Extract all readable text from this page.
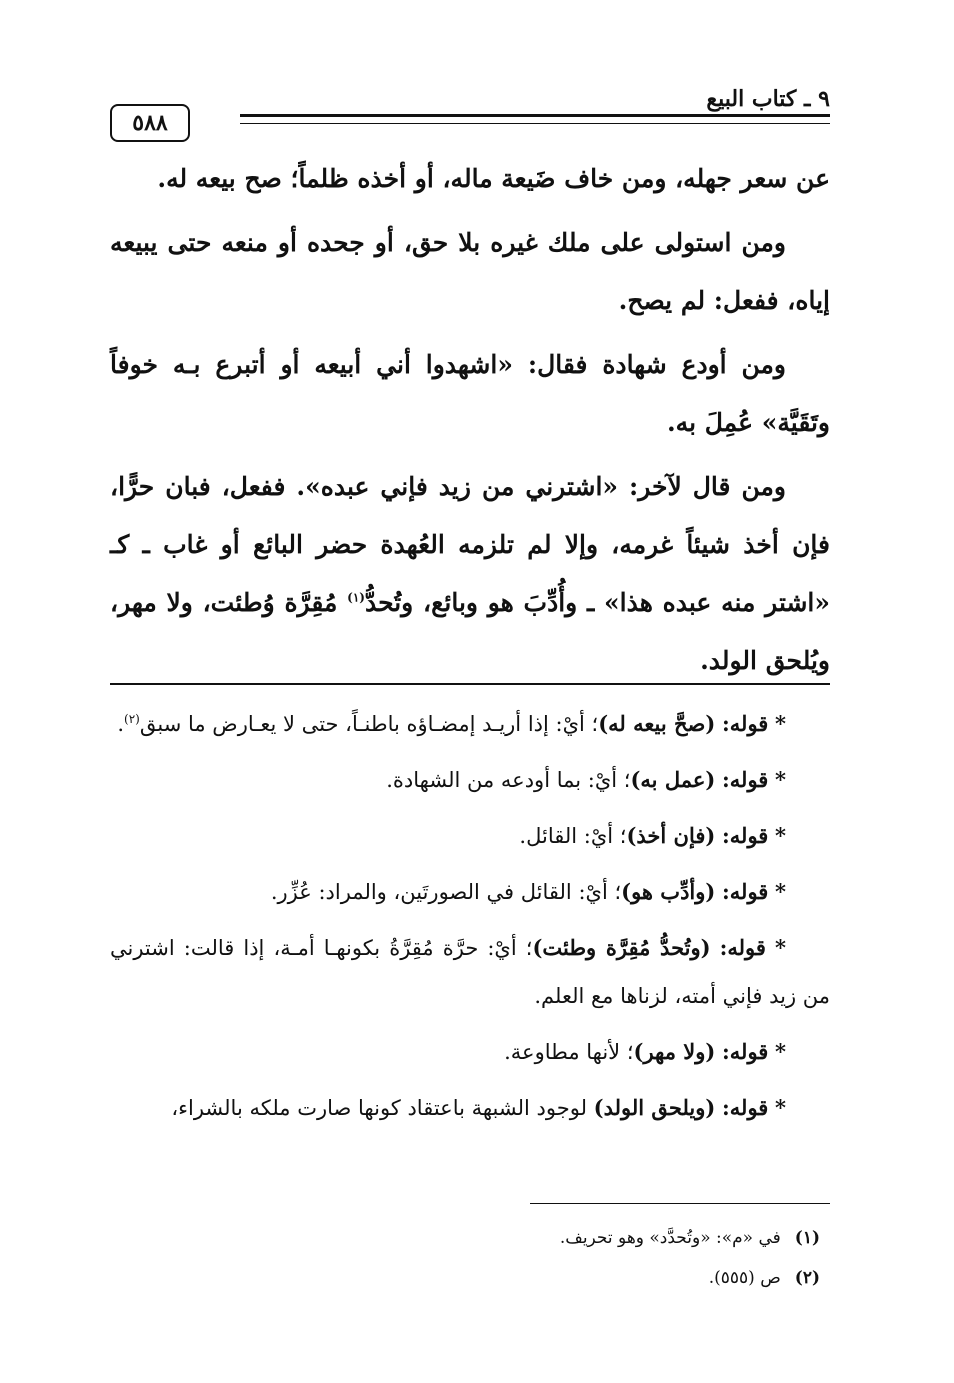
٩ ـ كتاب البيع
٥٨٨

عن سعر جهله، ومن خاف ضَيعة ماله، أو أخذه ظلماً؛ صح بيعه له.

ومن استولى على ملك غيره بلا حق، أو جحده أو منعه حتى يبيعه إياه، ففعل: لم يصح.

ومن أودع شهادة فقال: «اشهدوا أني أبيعه أو أتبرع بـه خوفاً وتَقَيَّة» عُمِلَ به.

ومن قال لآخر: «اشترني من زيد فإني عبده». ففعل، فبان حرًّا، فإن أخذ شيئاً غرمه، وإلا لم تلزمه العُهدة حضر البائع أو غاب ـ كـ «اشتر منه عبده هذا» ـ وأُدِّبَ هو وبائع، وتُحدُّ$^{(١)}$ مُقِرَّة وُطئت، ولا مهر، ويُلحق الولد.

* قوله: (صحَّ بيعه له)؛ أيْ: إذا أريـد إمضـاؤه باطنـاً، حتى لا يعـارض ما سبق$^{(٢)}$.

* قوله: (عمل به)؛ أيْ: بما أودعه من الشهادة.

* قوله: (فإن أخذ)؛ أيْ: القائل.

* قوله: (وأدِّب هو)؛ أيْ: القائل في الصورتَين، والمراد: عُزِّر.

* قوله: (وتُحدُّ مُقِرَّة وطئت)؛ أيْ: حرَّة مُقِرَّةُ بكونهـا أمـة، إذا قالت: اشترني من زيد فإني أمته، لزناها مع العلم.

* قوله: (ولا مهر)؛ لأنها مطاوعة.

* قوله: (ويلحق الولد) لوجود الشبهة باعتقاد كونها صارت ملكه بالشراء،

(١)في «م»: «وتُحدَّد» وهو تحريف.

(٢)ص (٥٥٥).
